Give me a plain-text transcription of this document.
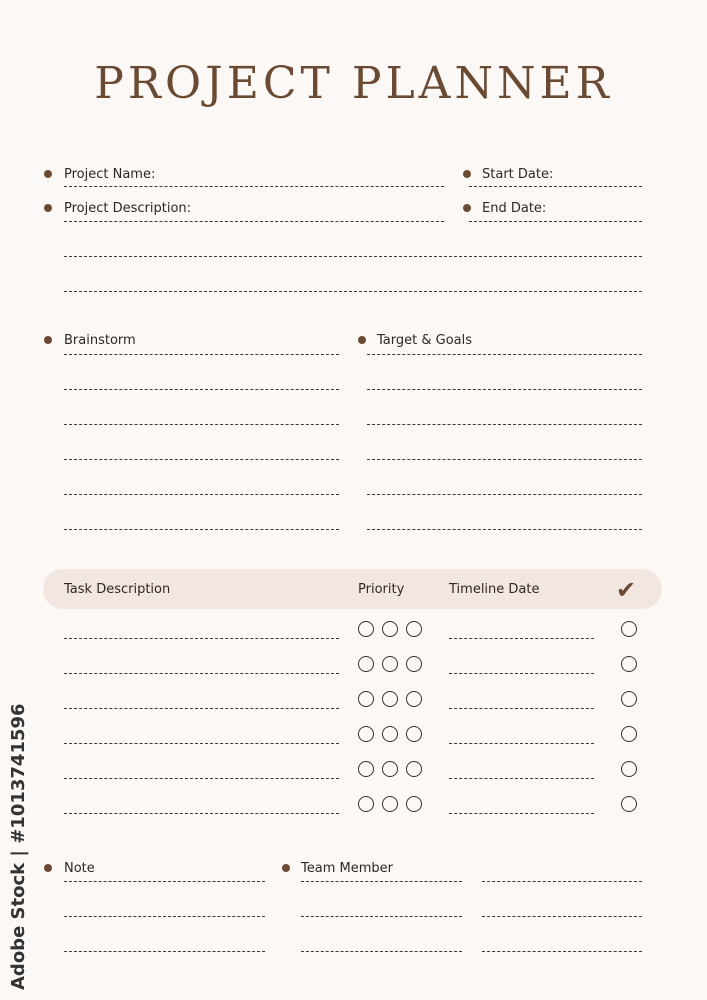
PROJECT PLANNER
Project Name:	Start Date:
Project Description:	End Date:
Brainstorm	Target & Goals
Task Description	Priority	Timeline Date	✔
Note	Team Member
Adobe Stock | #1013741596
